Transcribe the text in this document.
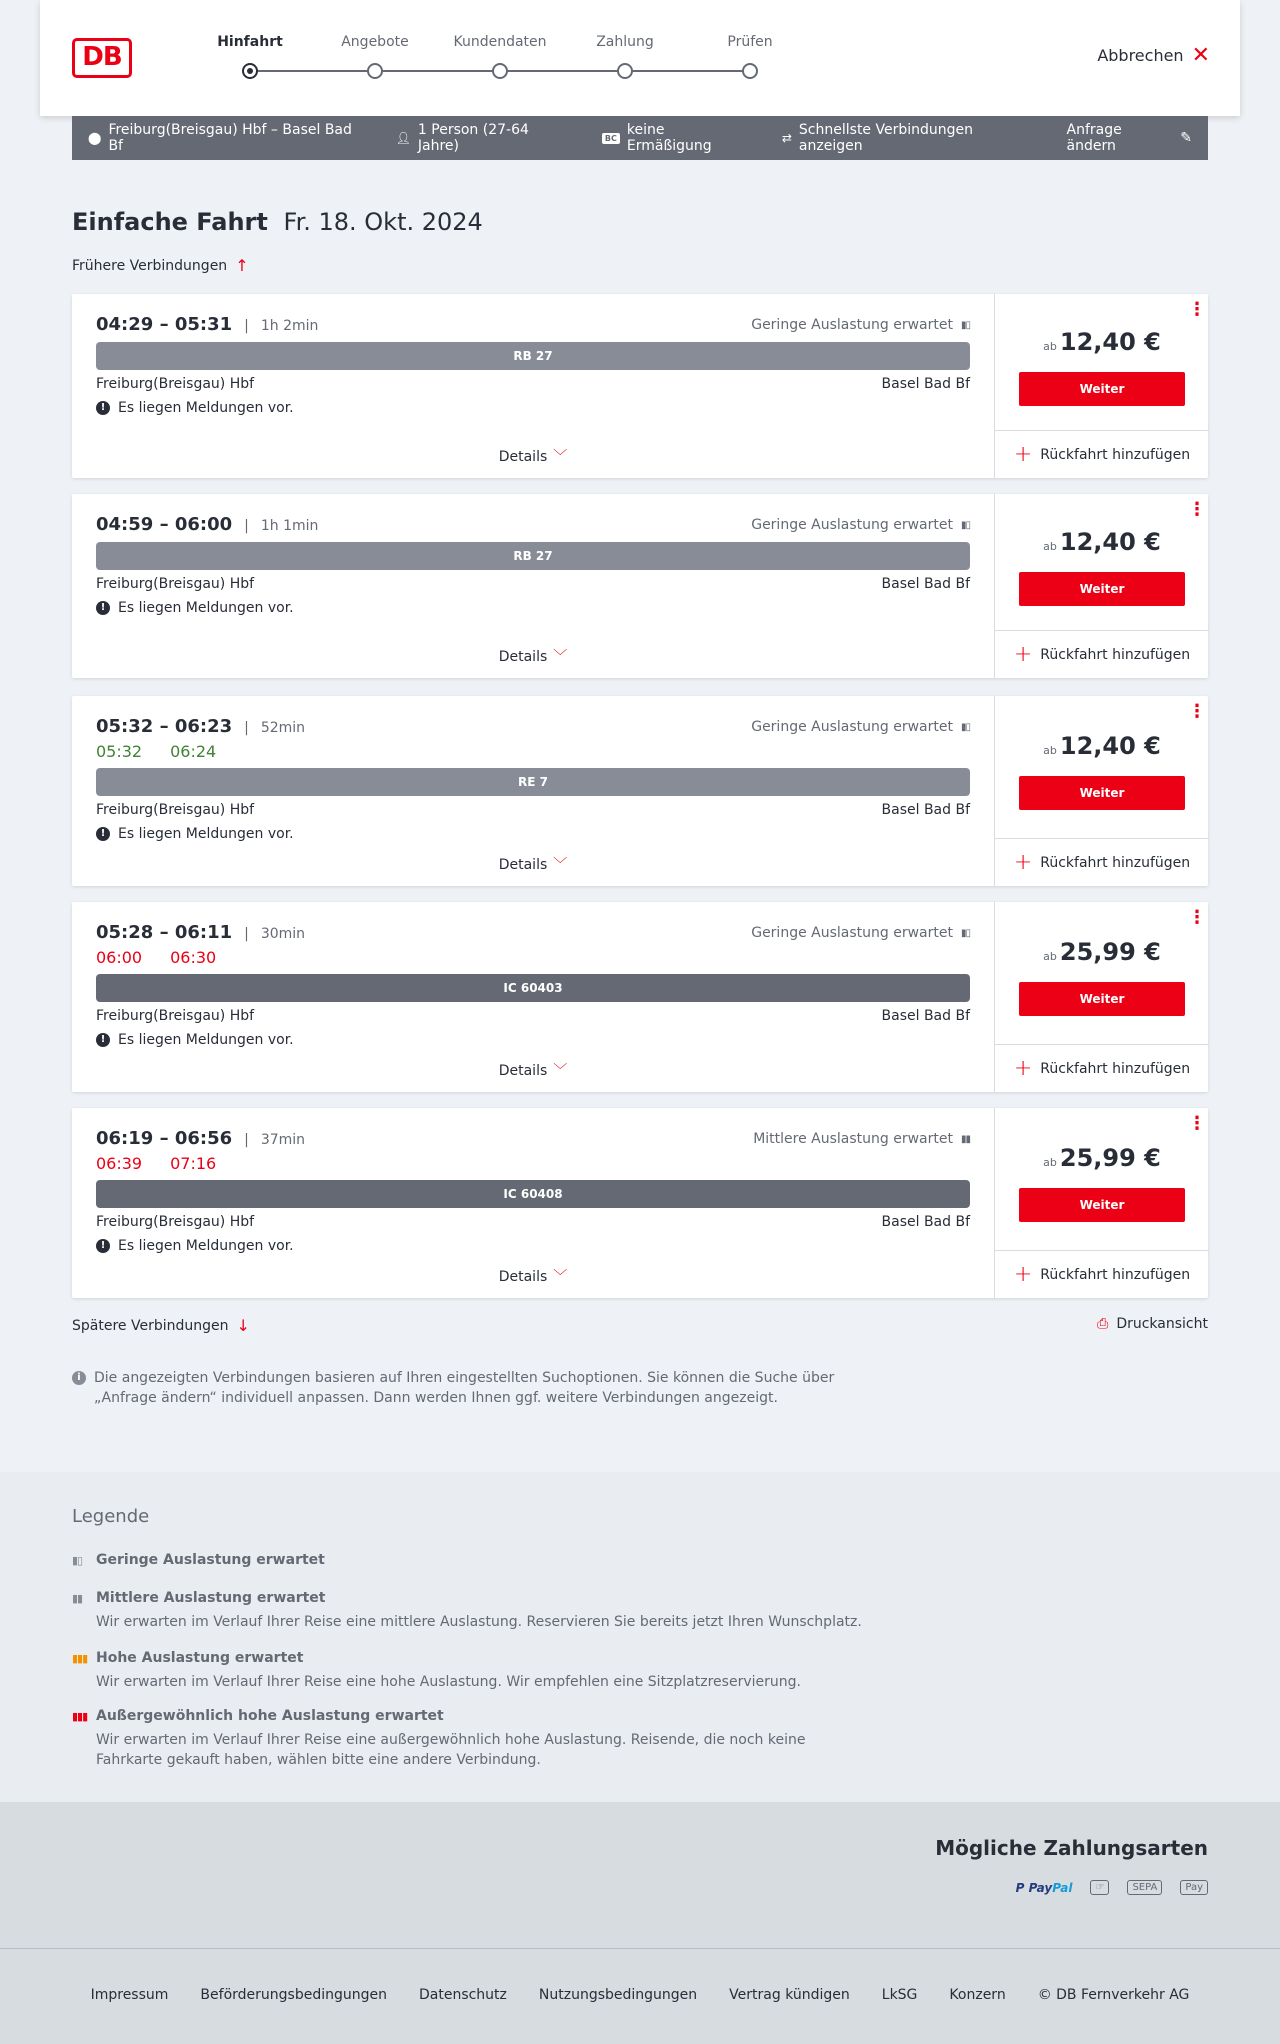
DB	Hinfahrt	Angebote	Kundendaten	Zahlung	Prüfen
Abbrechen ✕
⬤ Freiburg(Breisgau) Hbf – Basel Bad Bf	👤︎ 1 Person (27-64 Jahre)	BC keine Ermäßigung	⇄ Schnellste Verbindungen anzeigen
Anfrage ändern	✎
Einfache Fahrt Fr. 18. Okt. 2024
Frühere Verbindungen ↑
04:29 – 05:31 | 1h 2min	Geringe Auslastung erwartet ▮▯
RB 27
Freiburg(Breisgau) Hbf	Basel Bad Bf
! Es liegen Meldungen vor.
Details ﹀
⋮
ab 12,40 €
Weiter
+ Rückfahrt hinzufügen
04:59 – 06:00 | 1h 1min	Geringe Auslastung erwartet ▮▯
RB 27
Freiburg(Breisgau) Hbf	Basel Bad Bf
! Es liegen Meldungen vor.
Details ﹀
⋮
ab 12,40 €
Weiter
+ Rückfahrt hinzufügen
05:32 – 06:23 | 52min	Geringe Auslastung erwartet ▮▯
05:32 06:24
RE 7
Freiburg(Breisgau) Hbf	Basel Bad Bf
! Es liegen Meldungen vor.
Details ﹀
⋮
ab 12,40 €
Weiter
+ Rückfahrt hinzufügen
05:28 – 06:11 | 30min	Geringe Auslastung erwartet ▮▯
06:00 06:30
IC 60403
Freiburg(Breisgau) Hbf	Basel Bad Bf
! Es liegen Meldungen vor.
Details ﹀
⋮
ab 25,99 €
Weiter
+ Rückfahrt hinzufügen
06:19 – 06:56 | 37min	Mittlere Auslastung erwartet ▮▮
06:39 07:16
IC 60408
Freiburg(Breisgau) Hbf	Basel Bad Bf
! Es liegen Meldungen vor.
Details ﹀
⋮
ab 25,99 €
Weiter
+ Rückfahrt hinzufügen
Spätere Verbindungen ↓	⎙ Druckansicht
i Die angezeigten Verbindungen basieren auf Ihren eingestellten Suchoptionen. Sie können die Suche über „Anfrage ändern“ individuell anpassen. Dann werden Ihnen ggf. weitere Verbindungen angezeigt.
Legende
▮▯ Geringe Auslastung erwartet
▮▮ Mittlere Auslastung erwartet
Wir erwarten im Verlauf Ihrer Reise eine mittlere Auslastung. Reservieren Sie bereits jetzt Ihren Wunschplatz.
▮▮▮ Hohe Auslastung erwartet
Wir erwarten im Verlauf Ihrer Reise eine hohe Auslastung. Wir empfehlen eine Sitzplatzreservierung.
▮▮▮ Außergewöhnlich hohe Auslastung erwartet
Wir erwarten im Verlauf Ihrer Reise eine außergewöhnlich hohe Auslastung. Reisende, die noch keine Fahrkarte gekauft haben, wählen bitte eine andere Verbindung.
Mögliche Zahlungsarten
P PayPal	☞	SEPA	Pay
Impressum Beförderungsbedingungen Datenschutz Nutzungsbedingungen Vertrag kündigen LkSG Konzern © DB Fernverkehr AG
